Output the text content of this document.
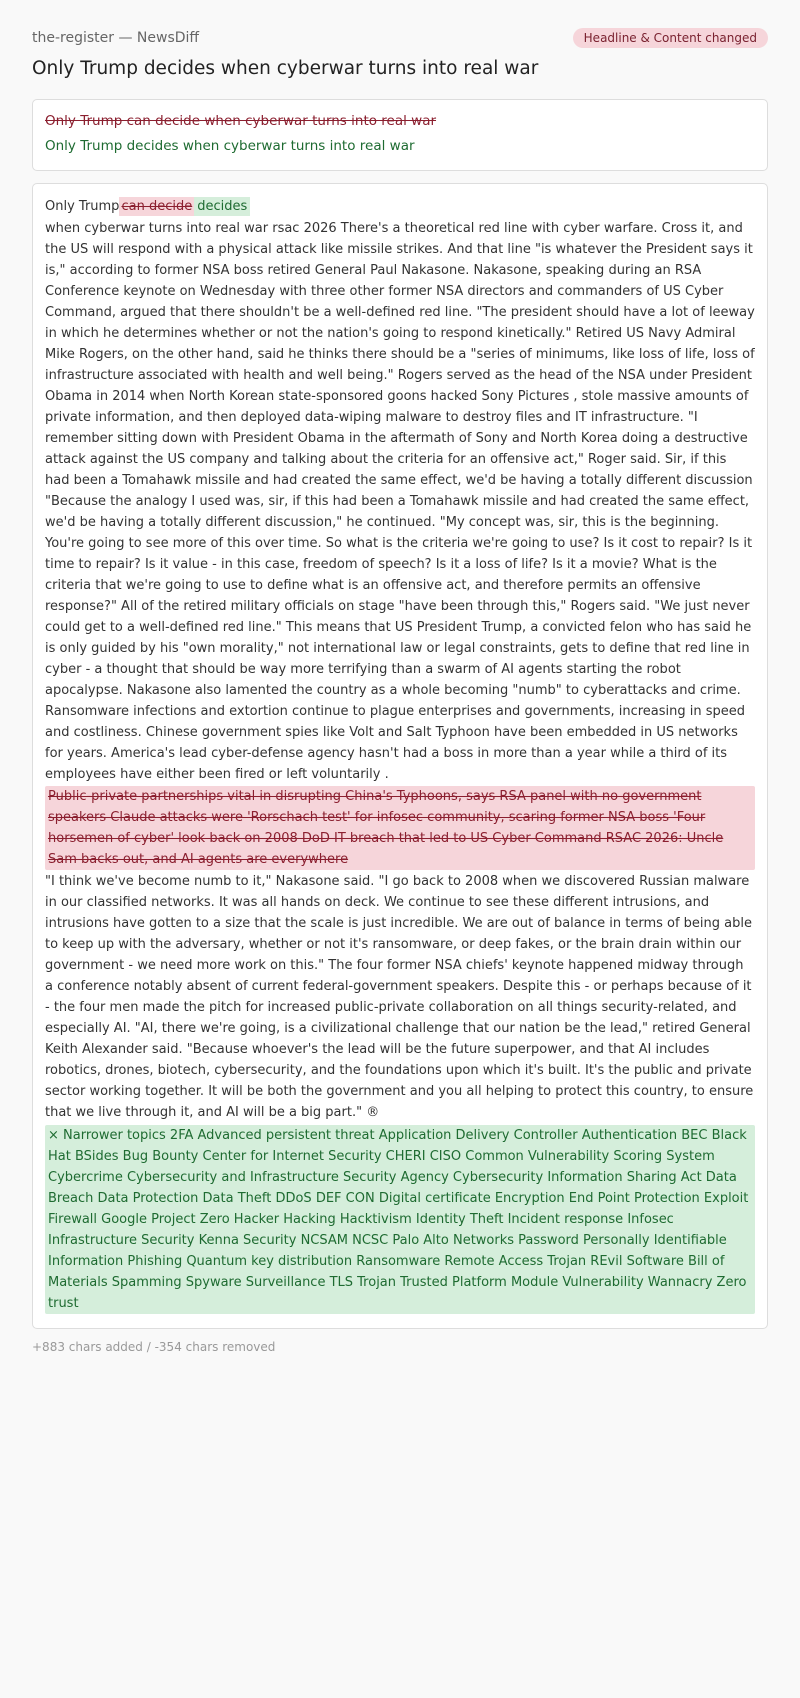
the-register — NewsDiff	Headline & Content changed
Only Trump decides when cyberwar turns into real war
Only Trump can decide when cyberwar turns into real war
Only Trump decides when cyberwar turns into real war
Only Trump can decide decides

when cyberwar turns into real war rsac 2026 There's a theoretical red line with cyber warfare. Cross it, and the US will respond with a physical attack like missile strikes. And that line "is whatever the President says it is," according to former NSA boss retired General Paul Nakasone. Nakasone, speaking during an RSA Conference keynote on Wednesday with three other former NSA directors and commanders of US Cyber Command, argued that there shouldn't be a well-defined red line. "The president should have a lot of leeway in which he determines whether or not the nation's going to respond kinetically." Retired US Navy Admiral Mike Rogers, on the other hand, said he thinks there should be a "series of minimums, like loss of life, loss of infrastructure associated with health and well being." Rogers served as the head of the NSA under President Obama in 2014 when North Korean state-sponsored goons hacked Sony Pictures , stole massive amounts of private information, and then deployed data-wiping malware to destroy files and IT infrastructure. "I remember sitting down with President Obama in the aftermath of Sony and North Korea doing a destructive attack against the US company and talking about the criteria for an offensive act," Roger said. Sir, if this had been a Tomahawk missile and had created the same effect, we'd be having a totally different discussion "Because the analogy I used was, sir, if this had been a Tomahawk missile and had created the same effect, we'd be having a totally different discussion," he continued. "My concept was, sir, this is the beginning. You're going to see more of this over time. So what is the criteria we're going to use? Is it cost to repair? Is it time to repair? Is it value - in this case, freedom of speech? Is it a loss of life? Is it a movie? What is the criteria that we're going to use to define what is an offensive act, and therefore permits an offensive response?" All of the retired military officials on stage "have been through this," Rogers said. "We just never could get to a well-defined red line." This means that US President Trump, a convicted felon who has said he is only guided by his "own morality," not international law or legal constraints, gets to define that red line in cyber - a thought that should be way more terrifying than a swarm of AI agents starting the robot apocalypse. Nakasone also lamented the country as a whole becoming "numb" to cyberattacks and crime. Ransomware infections and extortion continue to plague enterprises and governments, increasing in speed and costliness. Chinese government spies like Volt and Salt Typhoon have been embedded in US networks for years. America's lead cyber-defense agency hasn't had a boss in more than a year while a third of its employees have either been fired or left voluntarily .

Public-private partnerships vital in disrupting China's Typhoons, says RSA panel with no government speakers Claude attacks were 'Rorschach test' for infosec community, scaring former NSA boss 'Four horsemen of cyber' look back on 2008 DoD IT breach that led to US Cyber Command RSAC 2026: Uncle Sam backs out, and AI agents are everywhere

"I think we've become numb to it," Nakasone said. "I go back to 2008 when we discovered Russian malware in our classified networks. It was all hands on deck. We continue to see these different intrusions, and intrusions have gotten to a size that the scale is just incredible. We are out of balance in terms of being able to keep up with the adversary, whether or not it's ransomware, or deep fakes, or the brain drain within our government - we need more work on this." The four former NSA chiefs' keynote happened midway through a conference notably absent of current federal-government speakers. Despite this - or perhaps because of it - the four men made the pitch for increased public-private collaboration on all things security-related, and especially AI. "AI, there we're going, is a civilizational challenge that our nation be the lead," retired General Keith Alexander said. "Because whoever's the lead will be the future superpower, and that AI includes robotics, drones, biotech, cybersecurity, and the foundations upon which it's built. It's the public and private sector working together. It will be both the government and you all helping to protect this country, to ensure that we live through it, and AI will be a big part." ®

× Narrower topics 2FA Advanced persistent threat Application Delivery Controller Authentication BEC Black Hat BSides Bug Bounty Center for Internet Security CHERI CISO Common Vulnerability Scoring System Cybercrime Cybersecurity and Infrastructure Security Agency Cybersecurity Information Sharing Act Data Breach Data Protection Data Theft DDoS DEF CON Digital certificate Encryption End Point Protection Exploit Firewall Google Project Zero Hacker Hacking Hacktivism Identity Theft Incident response Infosec Infrastructure Security Kenna Security NCSAM NCSC Palo Alto Networks Password Personally Identifiable Information Phishing Quantum key distribution Ransomware Remote Access Trojan REvil Software Bill of Materials Spamming Spyware Surveillance TLS Trojan Trusted Platform Module Vulnerability Wannacry Zero trust
+883 chars added / -354 chars removed
